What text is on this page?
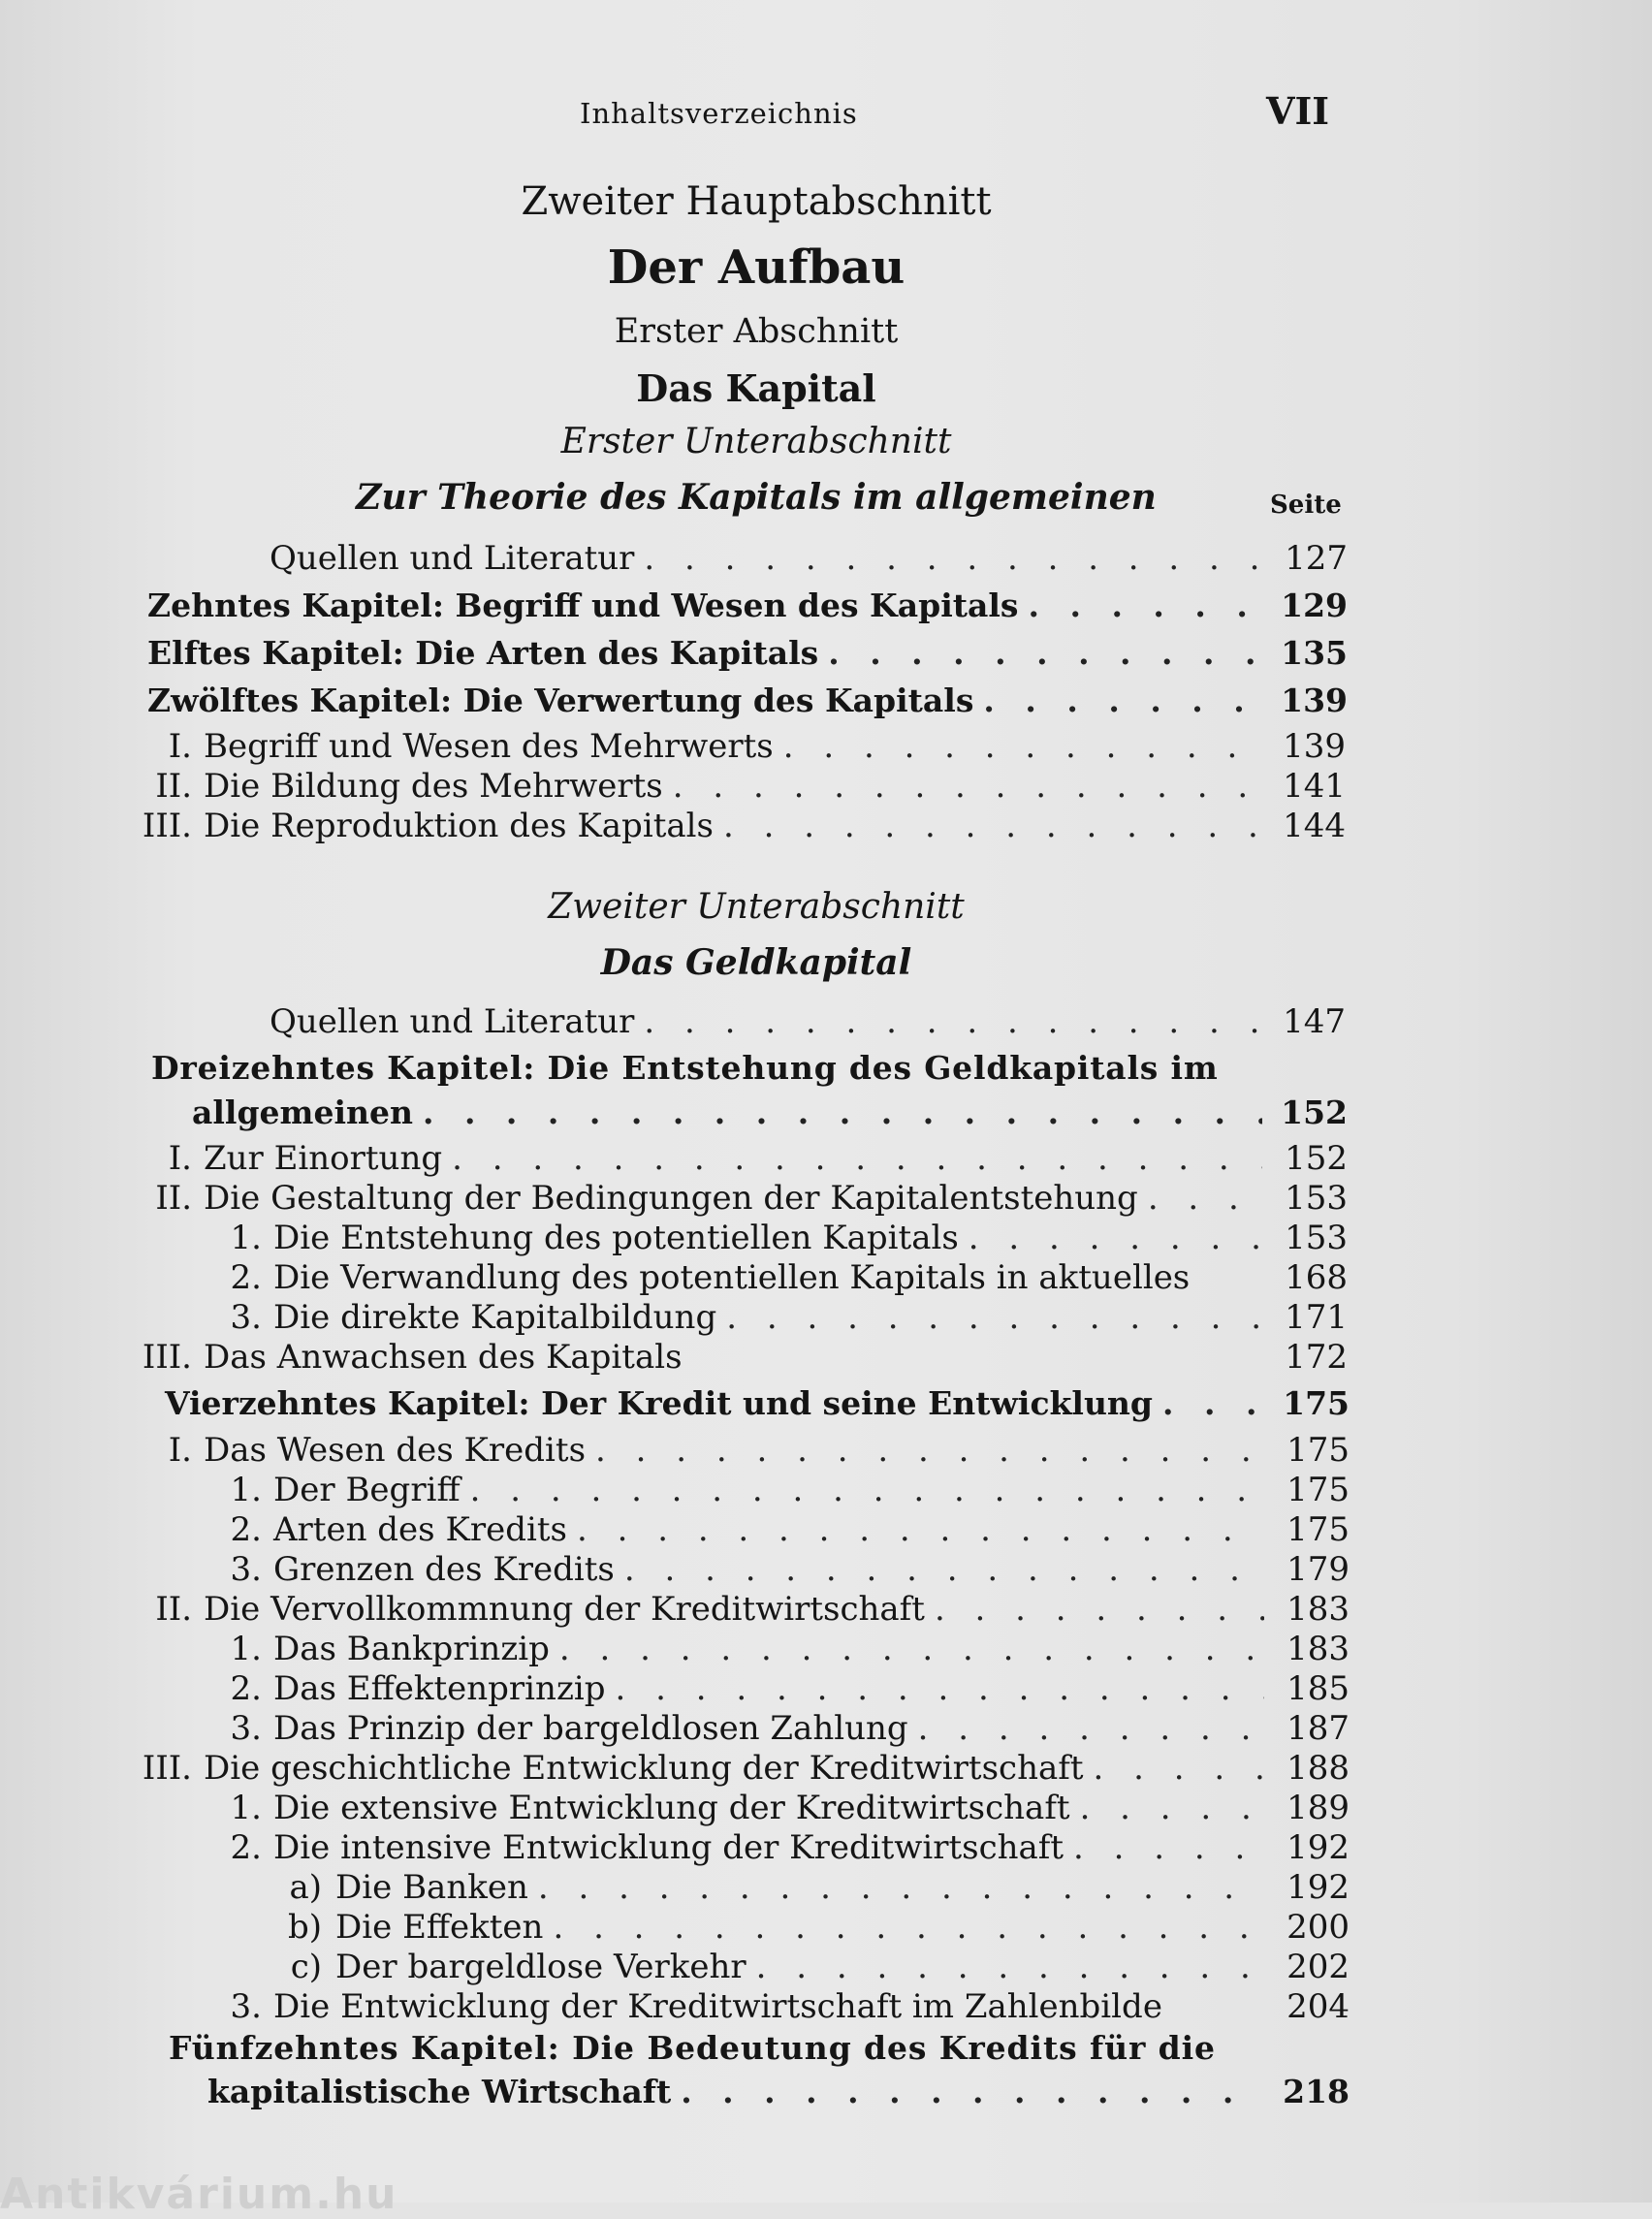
Inhaltsverzeichnis	VII
Zweiter Hauptabschnitt
Der Aufbau
Erster Abschnitt
Das Kapital
Erster Unterabschnitt
Zur Theorie des Kapitals im allgemeinen	Seite
Quellen und Literatur . . .	127
Zehntes Kapitel: Begriff und Wesen des Kapitals . . .	129
Elftes Kapitel: Die Arten des Kapitals . . .	135
Zwölftes Kapitel: Die Verwertung des Kapitals . . .	139
I. Begriff und Wesen des Mehrwerts . . .	139
II. Die Bildung des Mehrwerts . . .	141
III. Die Reproduktion des Kapitals . . .	144
Zweiter Unterabschnitt
Das Geldkapital
Quellen und Literatur . . .	147
Dreizehntes Kapitel: Die Entstehung des Geldkapitals im
allgemeinen . . .	152
I. Zur Einortung . . .	152
II. Die Gestaltung der Bedingungen der Kapitalentstehung . . .	153
1. Die Entstehung des potentiellen Kapitals . . .	153
2. Die Verwandlung des potentiellen Kapitals in aktuelles	168
3. Die direkte Kapitalbildung . . .	171
III. Das Anwachsen des Kapitals	172
Vierzehntes Kapitel: Der Kredit und seine Entwicklung . . .	175
I. Das Wesen des Kredits . . .	175
1. Der Begriff . . .	175
2. Arten des Kredits . . .	175
3. Grenzen des Kredits . . .	179
II. Die Vervollkommnung der Kreditwirtschaft . . .	183
1. Das Bankprinzip . . .	183
2. Das Effektenprinzip . . .	185
3. Das Prinzip der bargeldlosen Zahlung . . .	187
III. Die geschichtliche Entwicklung der Kreditwirtschaft . . .	188
1. Die extensive Entwicklung der Kreditwirtschaft . . .	189
2. Die intensive Entwicklung der Kreditwirtschaft . . .	192
a) Die Banken . . .	192
b) Die Effekten . . .	200
c) Der bargeldlose Verkehr . . .	202
3. Die Entwicklung der Kreditwirtschaft im Zahlenbilde	204
Fünfzehntes Kapitel: Die Bedeutung des Kredits für die
kapitalistische Wirtschaft . . .	218
Antikvárium.hu
